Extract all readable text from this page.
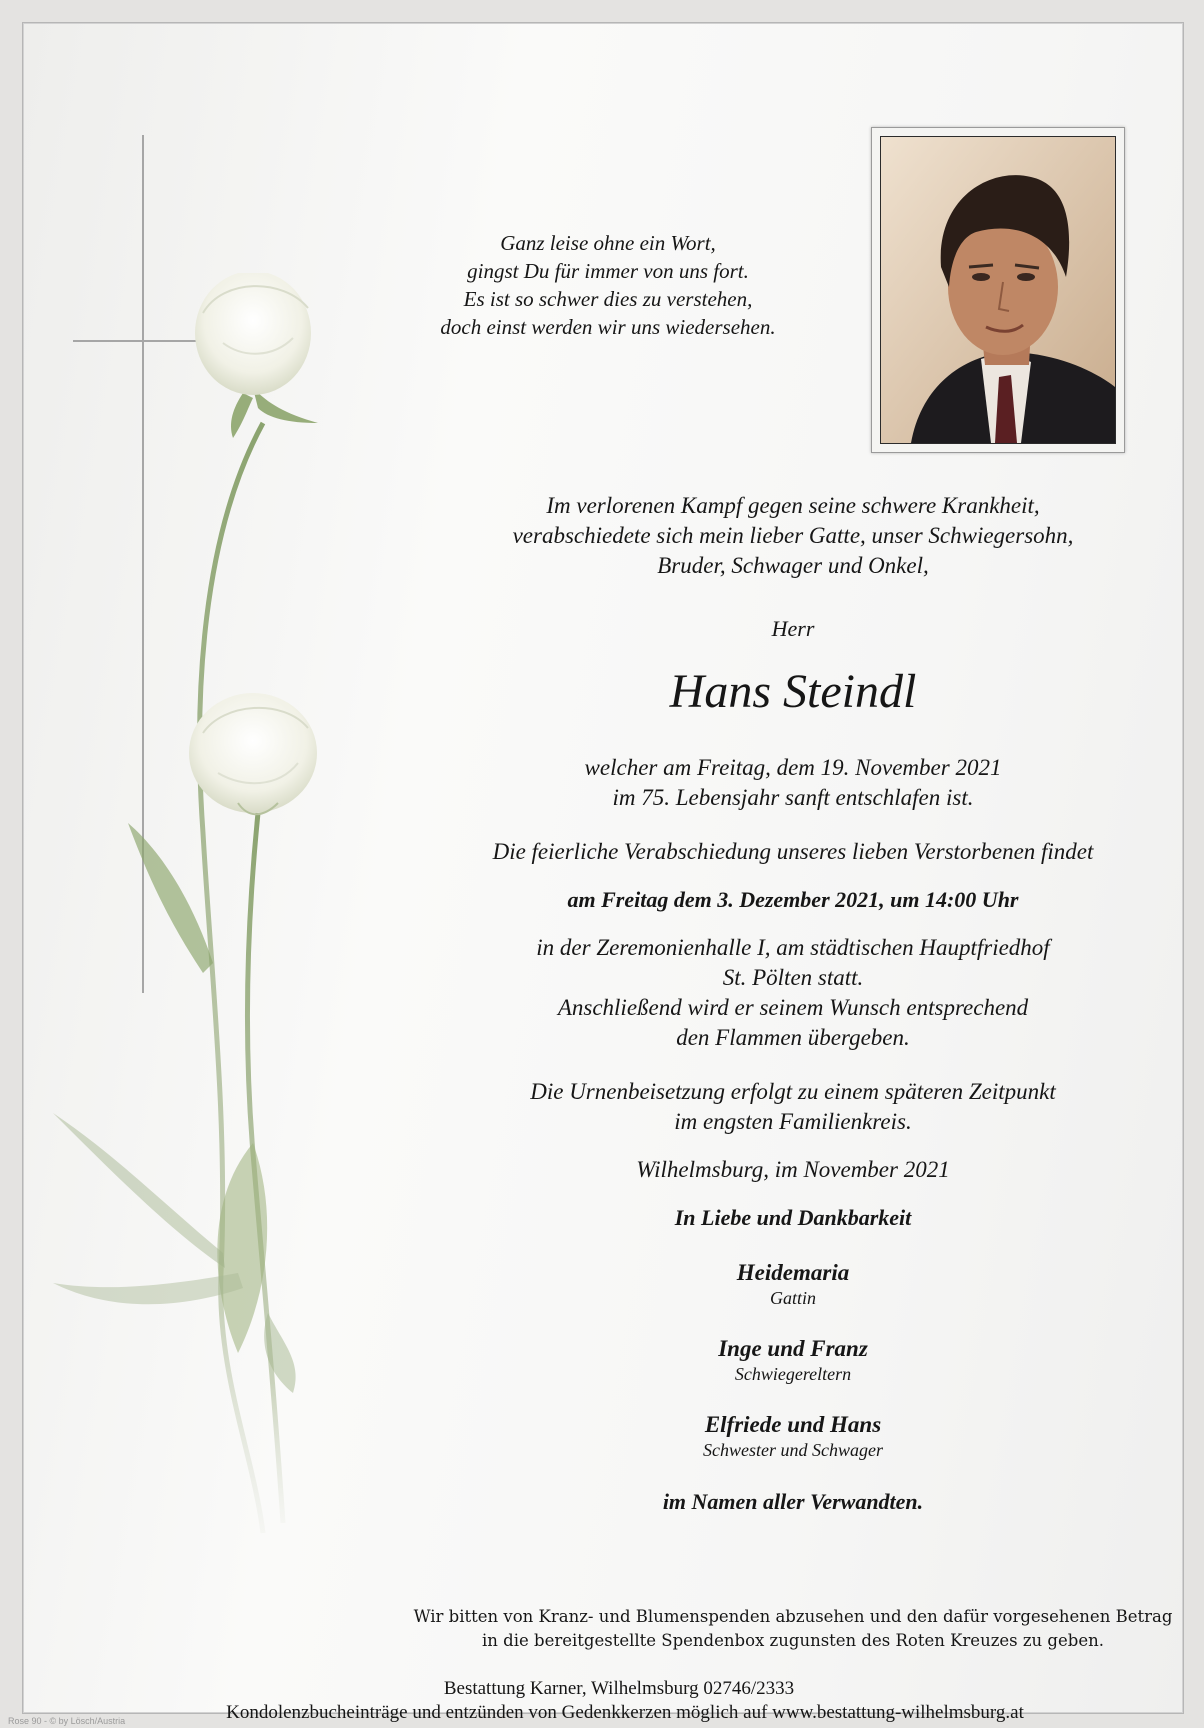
Ganz leise ohne ein Wort,
gingst Du für immer von uns fort.
Es ist so schwer dies zu verstehen,
doch einst werden wir uns wiedersehen.
Im verlorenen Kampf gegen seine schwere Krankheit,
verabschiedete sich mein lieber Gatte, unser Schwiegersohn,
Bruder, Schwager und Onkel,
Herr
Hans Steindl
welcher am Freitag, dem 19. November 2021
im 75. Lebensjahr sanft entschlafen ist.
Die feierliche Verabschiedung unseres lieben Verstorbenen findet
am Freitag dem 3. Dezember 2021, um 14:00 Uhr
in der Zeremonienhalle I, am städtischen Hauptfriedhof
St. Pölten statt.
Anschließend wird er seinem Wunsch entsprechend
den Flammen übergeben.
Die Urnenbeisetzung erfolgt zu einem späteren Zeitpunkt
im engsten Familienkreis.
Wilhelmsburg, im November 2021
In Liebe und Dankbarkeit
Heidemaria
Gattin
Inge und Franz
Schwiegereltern
Elfriede und Hans
Schwester und Schwager
im Namen aller Verwandten.
Wir bitten von Kranz- und Blumenspenden abzusehen und den dafür vorgesehenen Betrag
in die bereitgestellte Spendenbox zugunsten des Roten Kreuzes zu geben.
Bestattung Karner, Wilhelmsburg 02746/2333
Kondolenzbucheinträge und entzünden von Gedenkkerzen möglich auf www.bestattung-wilhelmsburg.at
Rose 90 - © by Lösch/Austria
